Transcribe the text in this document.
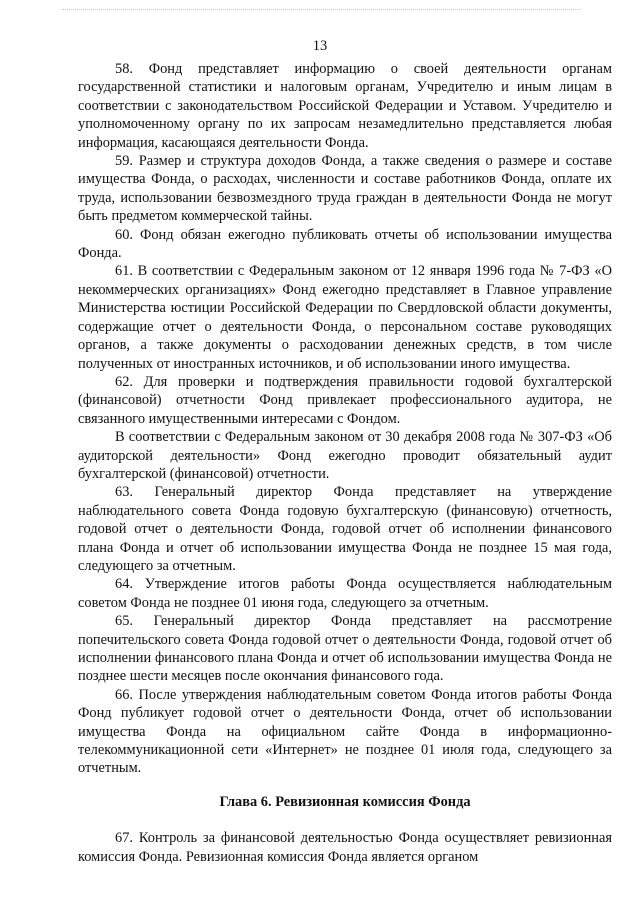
13

58. Фонд представляет информацию о своей деятельности органам государственной статистики и налоговым органам, Учредителю и иным лицам в соответствии с законодательством Российской Федерации и Уставом. Учредителю и уполномоченному органу по их запросам незамедлительно представляется любая информация, касающаяся деятельности Фонда.

59. Размер и структура доходов Фонда, а также сведения о размере и составе имущества Фонда, о расходах, численности и составе работников Фонда, оплате их труда, использовании безвозмездного труда граждан в деятельности Фонда не могут быть предметом коммерческой тайны.

60. Фонд обязан ежегодно публиковать отчеты об использовании имущества Фонда.

61. В соответствии с Федеральным законом от 12 января 1996 года № 7-ФЗ «О некоммерческих организациях» Фонд ежегодно представляет в Главное управление Министерства юстиции Российской Федерации по Свердловской области документы, содержащие отчет о деятельности Фонда, о персональном составе руководящих органов, а также документы о расходовании денежных средств, в том числе полученных от иностранных источников, и об использовании иного имущества.

62. Для проверки и подтверждения правильности годовой бухгалтерской (финансовой) отчетности Фонд привлекает профессионального аудитора, не связанного имущественными интересами с Фондом.

В соответствии с Федеральным законом от 30 декабря 2008 года № 307-ФЗ «Об аудиторской деятельности» Фонд ежегодно проводит обязательный аудит бухгалтерской (финансовой) отчетности.

63. Генеральный директор Фонда представляет на утверждение наблюдательного совета Фонда годовую бухгалтерскую (финансовую) отчетность, годовой отчет о деятельности Фонда, годовой отчет об исполнении финансового плана Фонда и отчет об использовании имущества Фонда не позднее 15 мая года, следующего за отчетным.

64. Утверждение итогов работы Фонда осуществляется наблюдательным советом Фонда не позднее 01 июня года, следующего за отчетным.

65. Генеральный директор Фонда представляет на рассмотрение попечительского совета Фонда годовой отчет о деятельности Фонда, годовой отчет об исполнении финансового плана Фонда и отчет об использовании имущества Фонда не позднее шести месяцев после окончания финансового года.

66. После утверждения наблюдательным советом Фонда итогов работы Фонда Фонд публикует годовой отчет о деятельности Фонда, отчет об использовании имущества Фонда на официальном сайте Фонда в информационно-телекоммуникационной сети «Интернет» не позднее 01 июля года, следующего за отчетным.

Глава 6. Ревизионная комиссия Фонда

67. Контроль за финансовой деятельностью Фонда осуществляет ревизионная комиссия Фонда. Ревизионная комиссия Фонда является органом
